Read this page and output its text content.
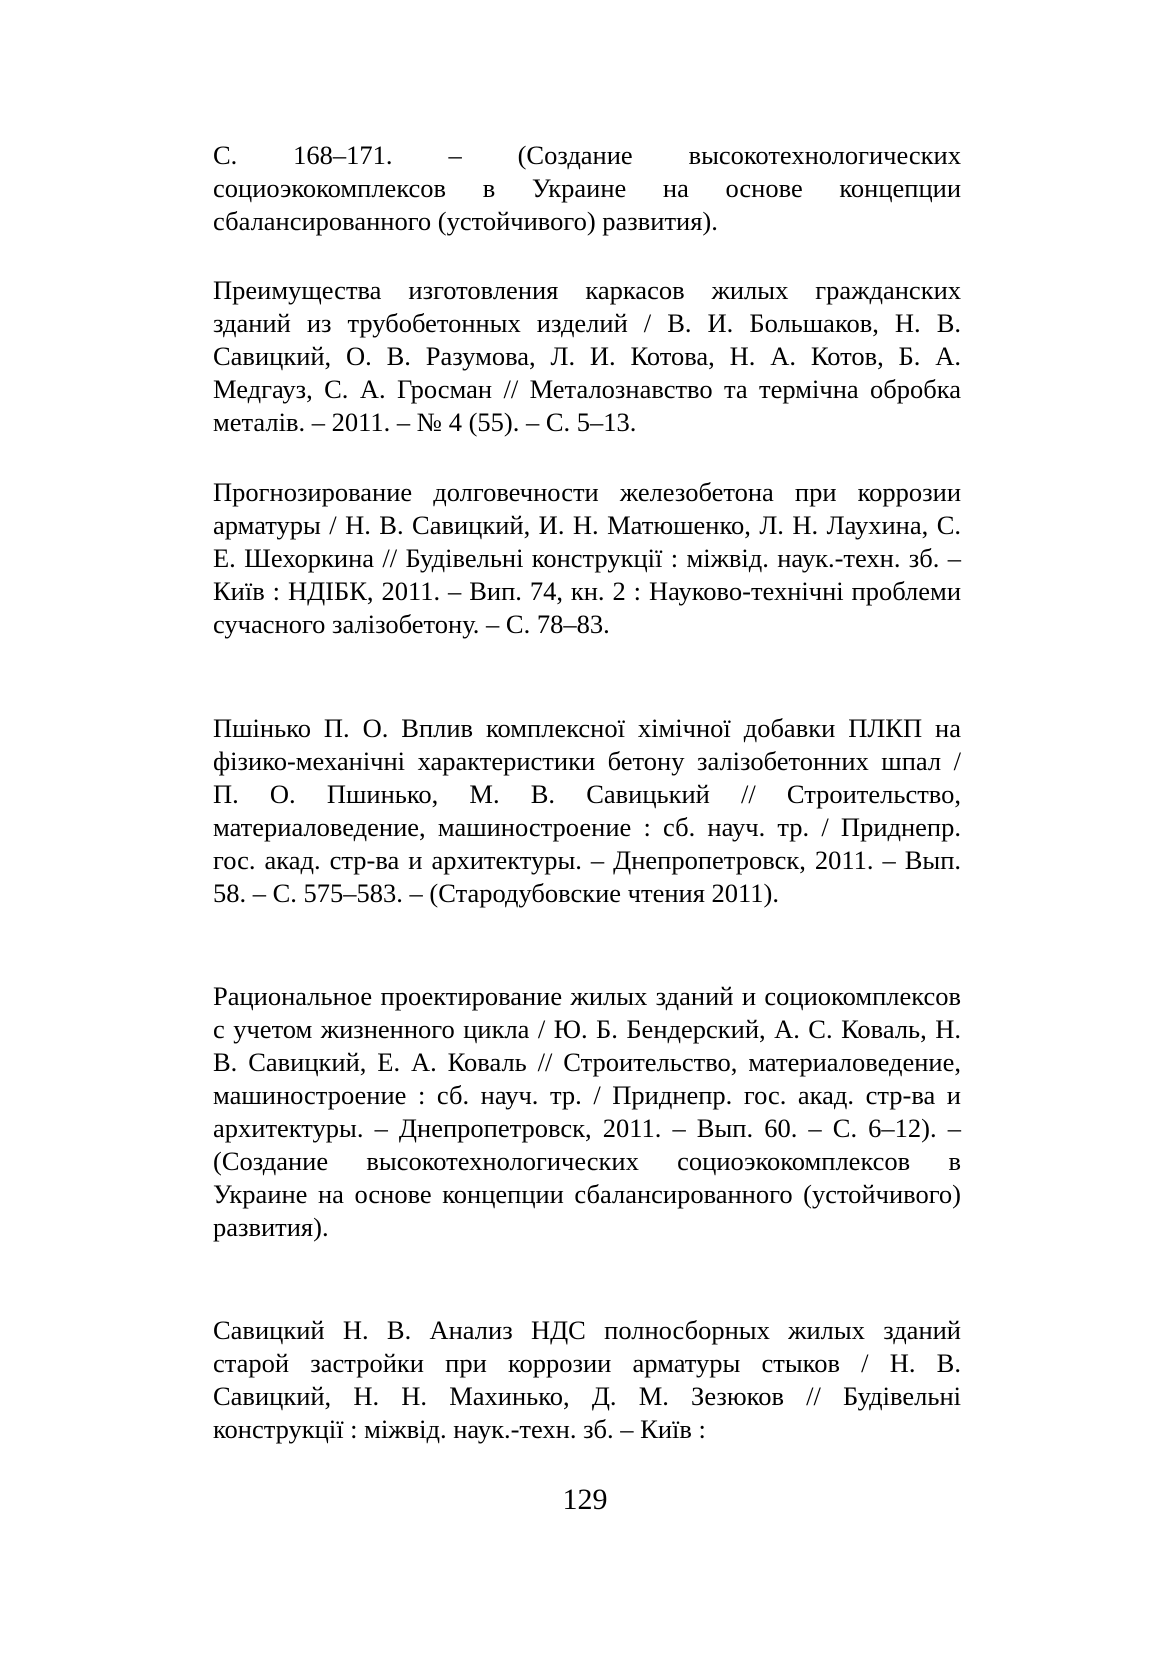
С. 168–171. – (Создание высокотехнологических социоэкокомплексов в Украине на основе концепции сбалансированного (устойчивого) развития).

Преимущества изготовления каркасов жилых гражданских зданий из трубобетонных изделий / В. И. Большаков, Н. В. Савицкий, О. В. Разумова, Л. И. Котова, Н. А. Котов, Б. А. Медгауз, С. А. Гросман // Металознавство та термічна обробка металів. – 2011. – № 4 (55). – С. 5–13.

Прогнозирование долговечности железобетона при коррозии арматуры / Н. В. Савицкий, И. Н. Матюшенко, Л. Н. Лаухина, С. Е. Шехоркина // Будівельні конструкції : міжвід. наук.-техн. зб. – Київ : НДІБК, 2011. – Вип. 74, кн. 2 : Науково-технічні проблеми сучасного залізобетону. – С. 78–83.

Пшінько П. О. Вплив комплексної хімічної добавки ПЛКП на фізико-механічні характеристики бетону залізобетонних шпал / П. О. Пшинько, М. В. Савицький // Строительство, материаловедение, машиностроение : сб. науч. тр. / Приднепр. гос. акад. стр-ва и архитектуры. – Днепропетровск, 2011. – Вып. 58. – С. 575–583. – (Стародубовские чтения 2011).

Рациональное проектирование жилых зданий и социокомплексов с учетом жизненного цикла / Ю. Б. Бендерский, А. С. Коваль, Н. В. Савицкий, Е. А. Коваль // Строительство, материаловедение, машиностроение : сб. науч. тр. / Приднепр. гос. акад. стр-ва и архитектуры. – Днепропетровск, 2011. – Вып. 60. – С. 6–12). – (Создание высокотехнологических социоэкокомплексов в Украине на основе концепции сбалансированного (устойчивого) развития).

Савицкий Н. В. Анализ НДС полносборных жилых зданий старой застройки при коррозии арматуры стыков / Н. В. Савицкий, Н. Н. Махинько, Д. М. Зезюков // Будівельні конструкції : міжвід. наук.-техн. зб. – Київ :

129
